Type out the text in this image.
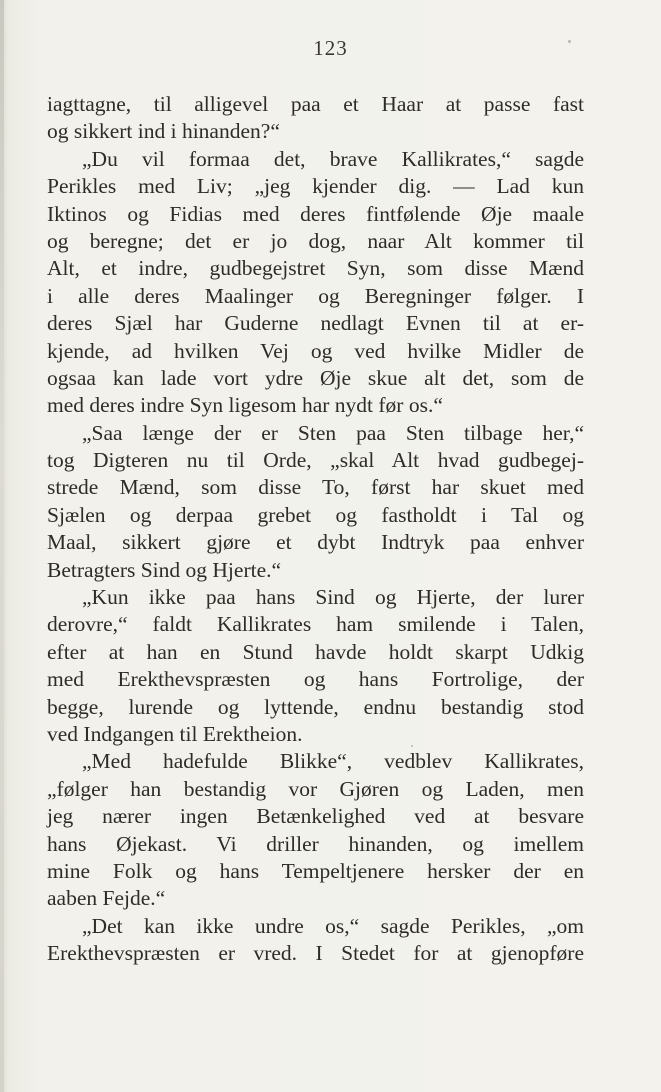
123
iagttagne, til alligevel paa et Haar at passe fast
og sikkert ind i hinanden?“
„Du vil formaa det, brave Kallikrates,“ sagde
Perikles med Liv; „jeg kjender dig. — Lad kun
Iktinos og Fidias med deres fintfølende Øje maale
og beregne; det er jo dog, naar Alt kommer til
Alt, et indre, gudbegejstret Syn, som disse Mænd
i alle deres Maalinger og Beregninger følger. I
deres Sjæl har Guderne nedlagt Evnen til at er-
kjende, ad hvilken Vej og ved hvilke Midler de
ogsaa kan lade vort ydre Øje skue alt det, som de
med deres indre Syn ligesom har nydt før os.“
„Saa længe der er Sten paa Sten tilbage her,“
tog Digteren nu til Orde, „skal Alt hvad gudbegej-
strede Mænd, som disse To, først har skuet med
Sjælen og derpaa grebet og fastholdt i Tal og
Maal, sikkert gjøre et dybt Indtryk paa enhver
Betragters Sind og Hjerte.“
„Kun ikke paa hans Sind og Hjerte, der lurer
derovre,“ faldt Kallikrates ham smilende i Talen,
efter at han en Stund havde holdt skarpt Udkig
med Erekthevspræsten og hans Fortrolige, der
begge, lurende og lyttende, endnu bestandig stod
ved Indgangen til Erektheion.
„Med hadefulde Blikke“, vedblev Kallikrates,
„følger han bestandig vor Gjøren og Laden, men
jeg nærer ingen Betænkelighed ved at besvare
hans Øjekast. Vi driller hinanden, og imellem
mine Folk og hans Tempeltjenere hersker der en
aaben Fejde.“
„Det kan ikke undre os,“ sagde Perikles, „om
Erekthevspræsten er vred. I Stedet for at gjenopføre
